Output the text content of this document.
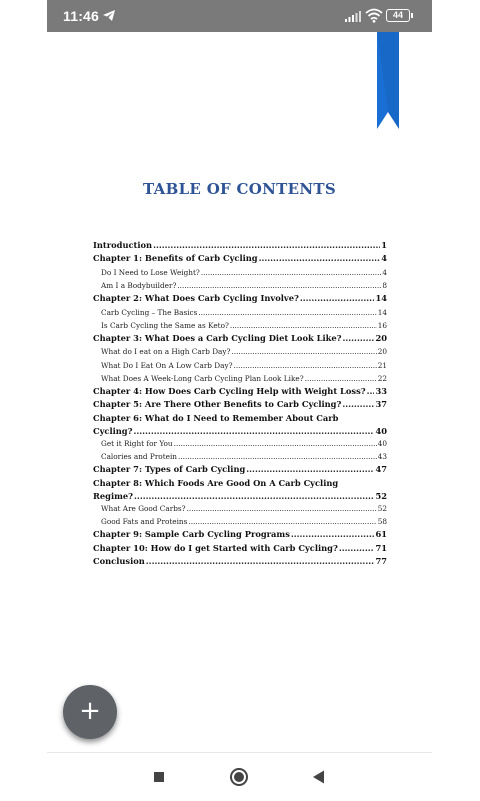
11:46	44
TABLE OF CONTENTS
Introduction .....	1
Chapter 1: Benefits of Carb Cycling .....	4
Do I Need to Lose Weight? .....	4
Am I a Bodybuilder? .....	8
Chapter 2: What Does Carb Cycling Involve? .....	14
Carb Cycling – The Basics .....	14
Is Carb Cycling the Same as Keto? .....	16
Chapter 3: What Does a Carb Cycling Diet Look Like? .....	20
What do I eat on a High Carb Day? .....	20
What Do I Eat On A Low Carb Day? .....	21
What Does A Week-Long Carb Cycling Plan Look Like? .....	22
Chapter 4: How Does Carb Cycling Help with Weight Loss? ..... 33
Chapter 5: Are There Other Benefits to Carb Cycling? .....	37
Chapter 6: What do I Need to Remember About Carb
Cycling? .....	40
Get it Right for You .....	40
Calories and Protein .....	43
Chapter 7: Types of Carb Cycling .....	47
Chapter 8: Which Foods Are Good On A Carb Cycling
Regime? .....	52
What Are Good Carbs? .....	52
Good Fats and Proteins .....	58
Chapter 9: Sample Carb Cycling Programs .....	61
Chapter 10: How do I get Started with Carb Cycling? .....	71
Conclusion .....	77
+
